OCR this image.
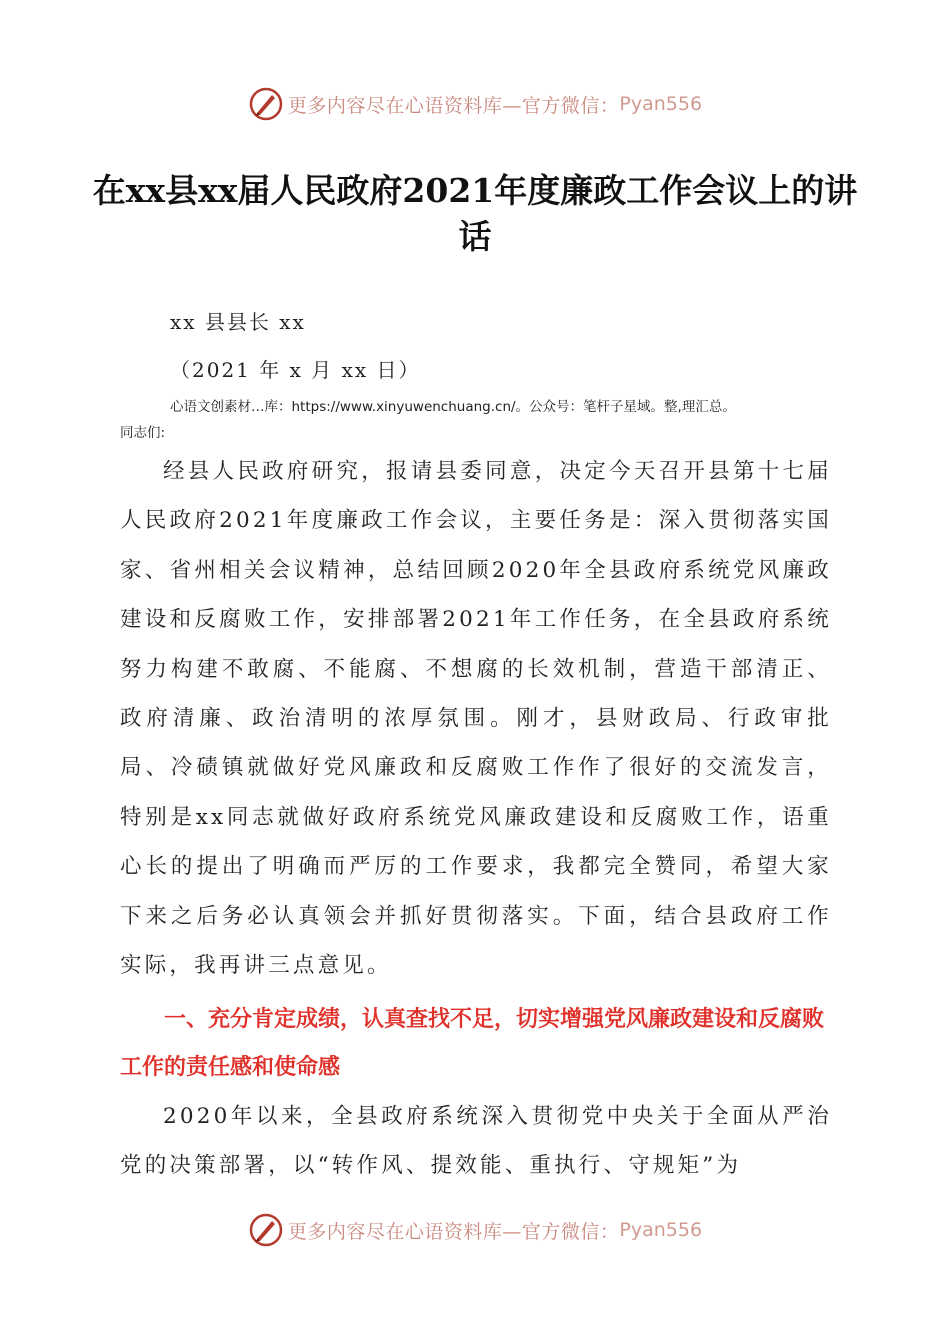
更多内容尽在心语资料库—官方微信： Pyan556
在xx县xx届人民政府2021年度廉政工作会议上的讲话
xx 县县长 xx
（2021 年 x 月 xx 日）
心语文创素材…库：https://www.xinyuwenchuang.cn/。公众号：笔杆子星域。整,理汇总。
同志们:

经县人民政府研究，报请县委同意，决定今天召开县第十七届人民政府2021年度廉政工作会议，主要任务是：深入贯彻落实国家、省州相关会议精神，总结回顾2020年全县政府系统党风廉政建设和反腐败工作，安排部署2021年工作任务，在全县政府系统努力构建不敢腐、不能腐、不想腐的长效机制，营造干部清正、政府清廉、政治清明的浓厚氛围。刚才，县财政局、行政审批局、冷碛镇就做好党风廉政和反腐败工作作了很好的交流发言，特别是xx同志就做好政府系统党风廉政建设和反腐败工作，语重心长的提出了明确而严厉的工作要求，我都完全赞同，希望大家下来之后务必认真领会并抓好贯彻落实。下面，结合县政府工作实际，我再讲三点意见。

一、充分肯定成绩，认真查找不足，切实增强党风廉政建设和反腐败工作的责任感和使命感

2020年以来，全县政府系统深入贯彻党中央关于全面从严治党的决策部署，以“转作风、提效能、重执行、守规矩”为

更多内容尽在心语资料库—官方微信： Pyan556
